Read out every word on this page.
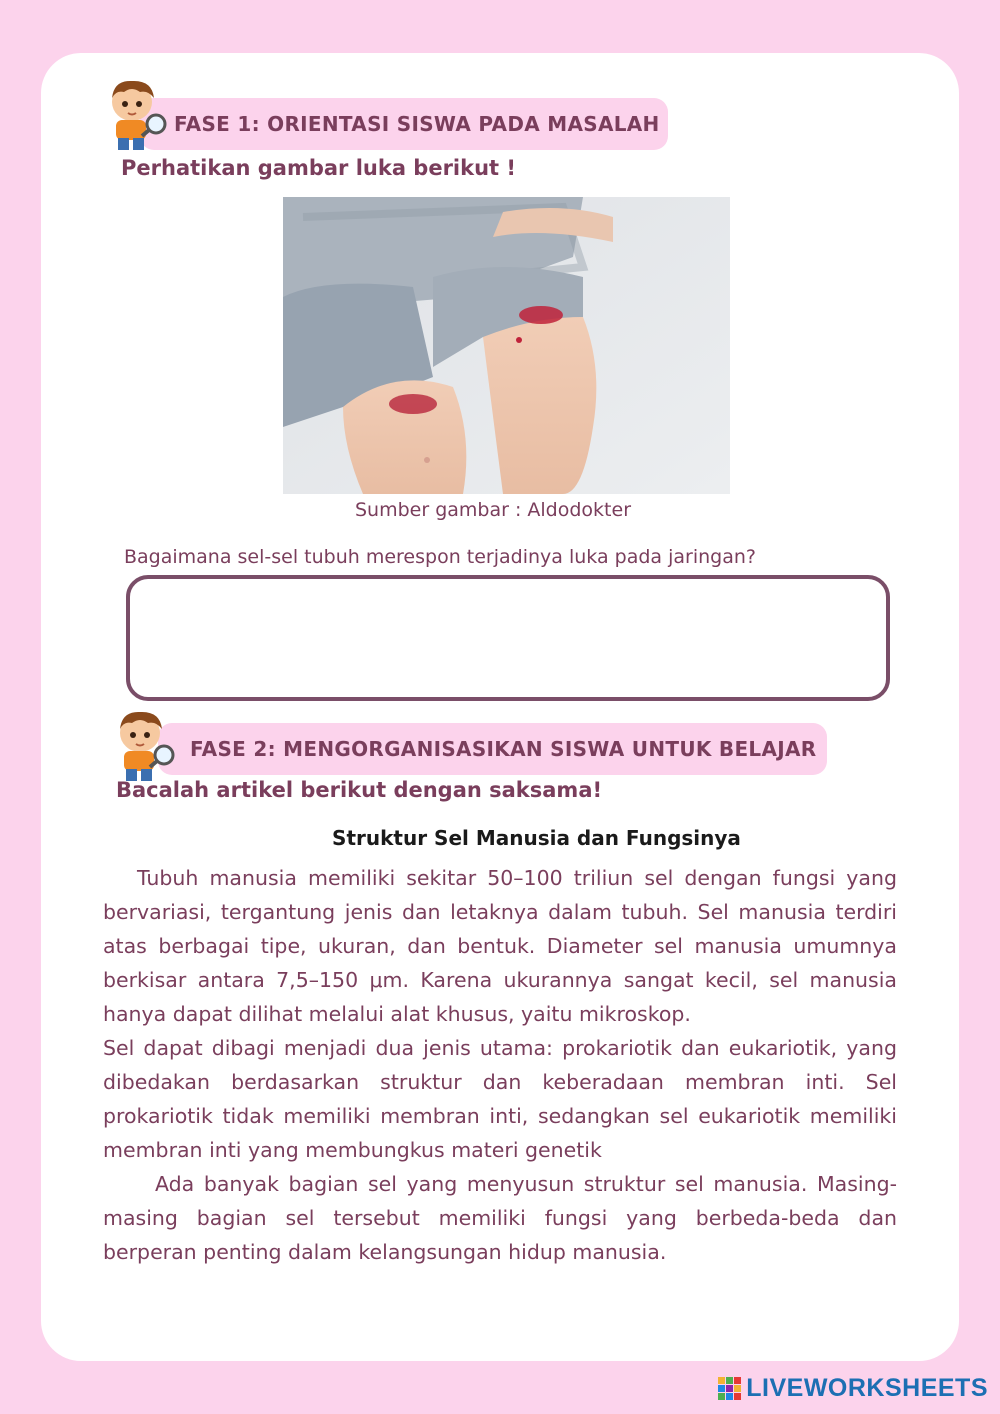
FASE 1: ORIENTASI SISWA PADA MASALAH
Perhatikan gambar luka berikut !
Sumber gambar : Aldodokter
Bagaimana sel-sel tubuh merespon terjadinya luka pada jaringan?
FASE 2: MENGORGANISASIKAN SISWA UNTUK BELAJAR
Bacalah artikel berikut dengan saksama!
Struktur Sel Manusia dan Fungsinya

Tubuh manusia memiliki sekitar 50–100 triliun sel dengan fungsi yang bervariasi, tergantung jenis dan letaknya dalam tubuh. Sel manusia terdiri atas berbagai tipe, ukuran, dan bentuk. Diameter sel manusia umumnya berkisar antara 7,5–150 μm. Karena ukurannya sangat kecil, sel manusia hanya dapat dilihat melalui alat khusus, yaitu mikroskop.

Sel dapat dibagi menjadi dua jenis utama: prokariotik dan eukariotik, yang dibedakan berdasarkan struktur dan keberadaan membran inti. Sel prokariotik tidak memiliki membran inti, sedangkan sel eukariotik memiliki membran inti yang membungkus materi genetik

Ada banyak bagian sel yang menyusun struktur sel manusia. Masing-masing bagian sel tersebut memiliki fungsi yang berbeda-beda dan berperan penting dalam kelangsungan hidup manusia.

LIVEWORKSHEETS
